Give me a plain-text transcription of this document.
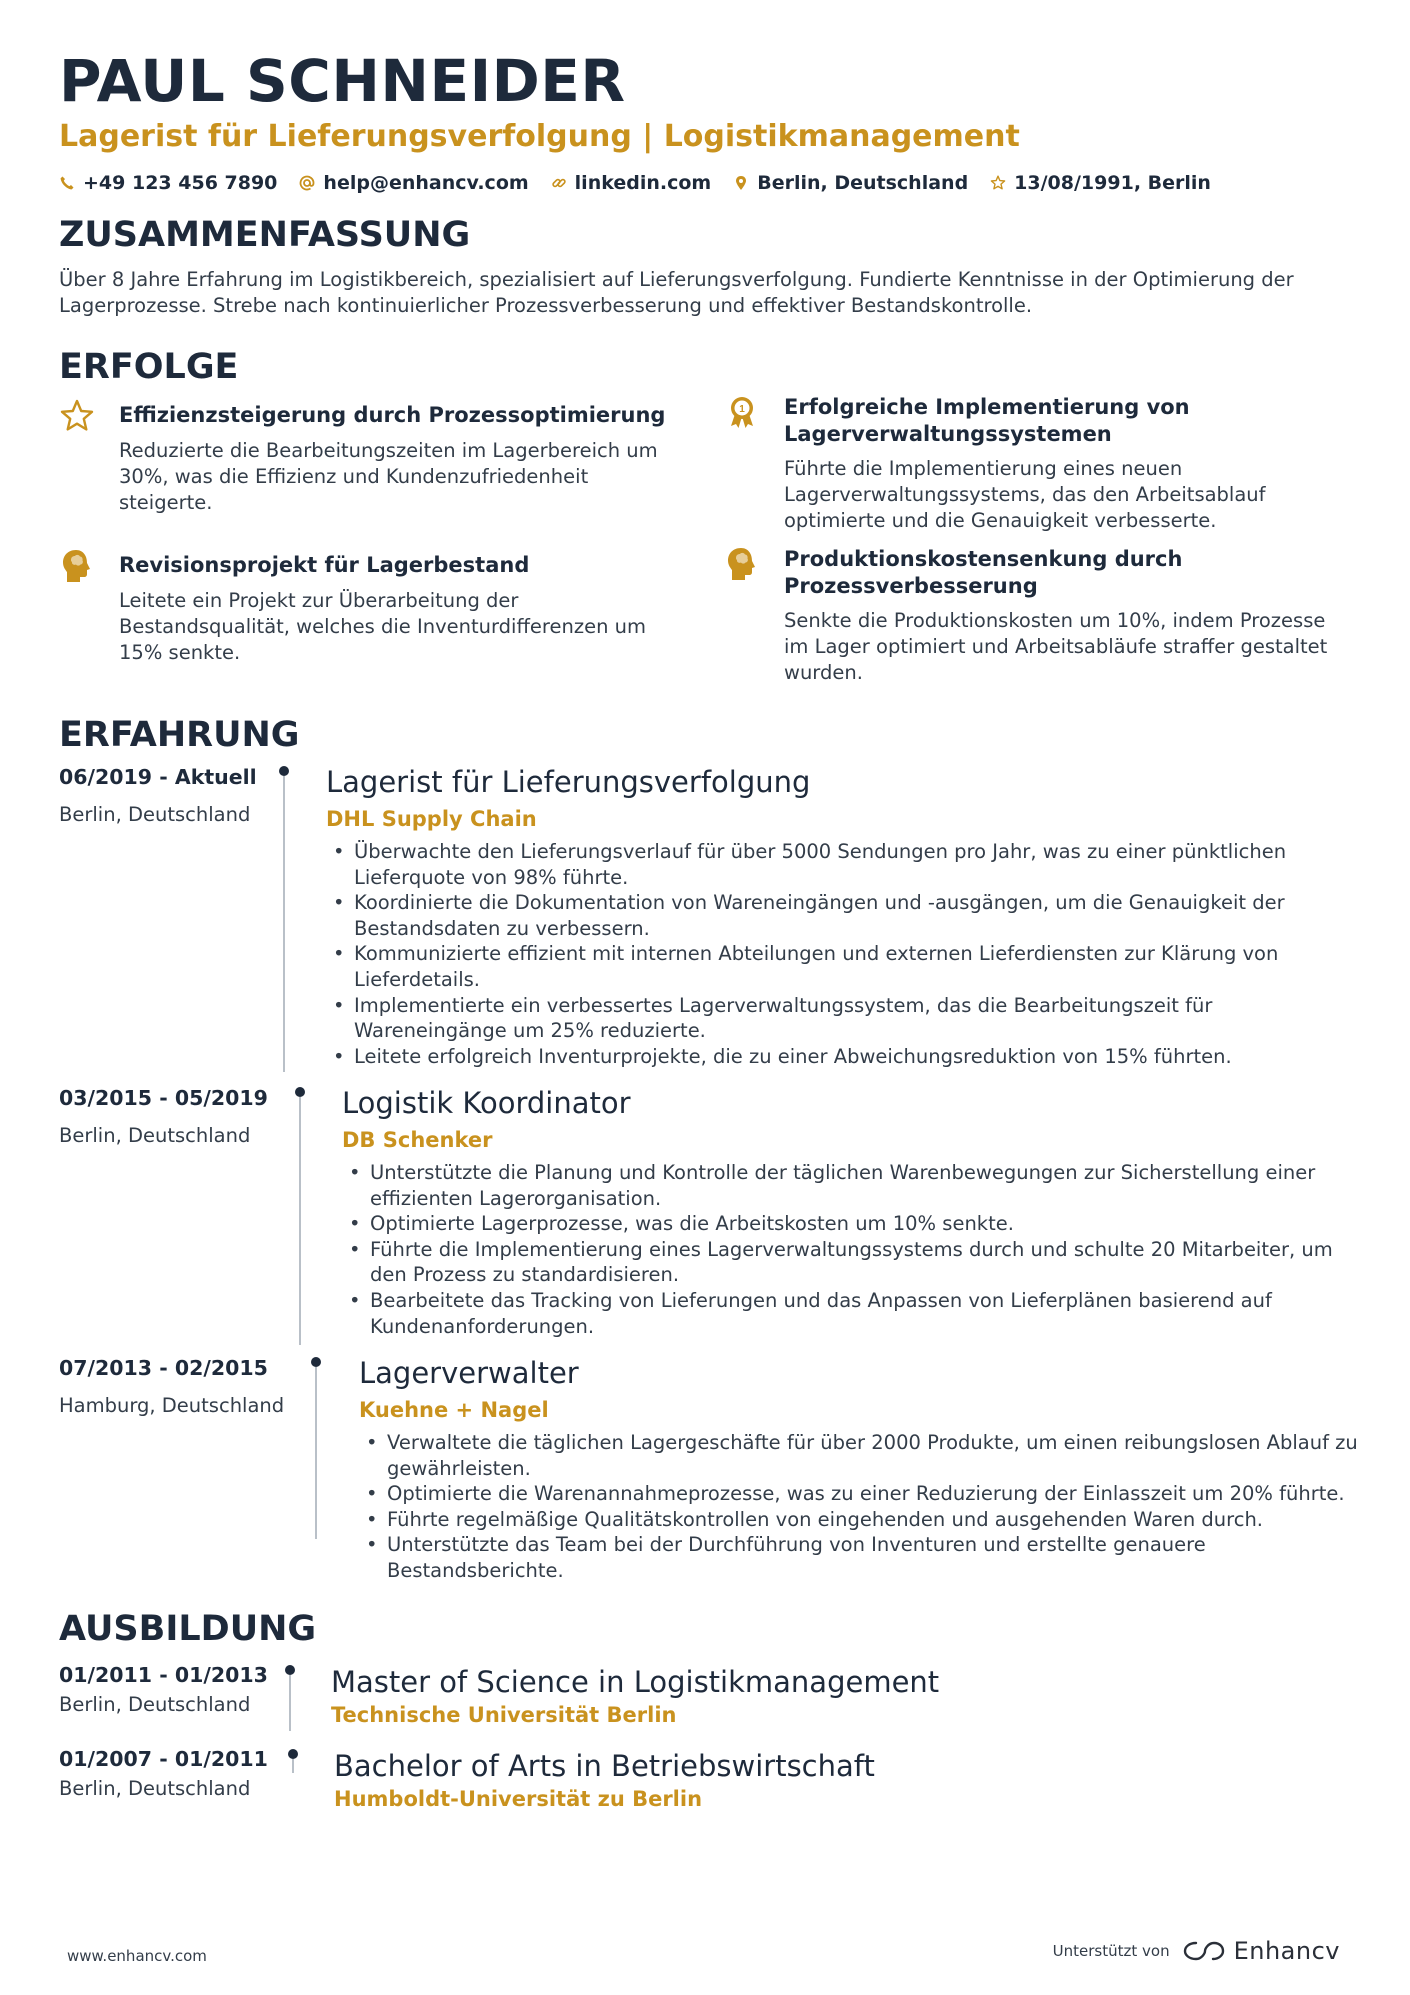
PAUL SCHNEIDER
Lagerist für Lieferungsverfolgung | Logistikmanagement
+49 123 456 7890 help@enhancv.com linkedin.com Berlin, Deutschland 13/08/1991, Berlin
ZUSAMMENFASSUNG
Über 8 Jahre Erfahrung im Logistikbereich, spezialisiert auf Lieferungsverfolgung. Fundierte Kenntnisse in der Optimierung der Lagerprozesse. Strebe nach kontinuierlicher Prozessverbesserung und effektiver Bestandskontrolle.
ERFOLGE
Effizienzsteigerung durch Prozessoptimierung
Reduzierte die Bearbeitungszeiten im Lagerbereich um 30%, was die Effizienz und Kundenzufriedenheit steigerte.
1 Erfolgreiche Implementierung von Lagerverwaltungssystemen
Führte die Implementierung eines neuen Lagerverwaltungssystems, das den Arbeitsablauf optimierte und die Genauigkeit verbesserte.
Revisionsprojekt für Lagerbestand
Leitete ein Projekt zur Überarbeitung der Bestandsqualität, welches die Inventurdifferenzen um 15% senkte.
Produktionskostensenkung durch Prozessverbesserung
Senkte die Produktionskosten um 10%, indem Prozesse im Lager optimiert und Arbeitsabläufe straffer gestaltet wurden.
ERFAHRUNG
06/2019 - Aktuell
Berlin, Deutschland
Lagerist für Lieferungsverfolgung
DHL Supply Chain
• Überwachte den Lieferungsverlauf für über 5000 Sendungen pro Jahr, was zu einer pünktlichen Lieferquote von 98% führte.
• Koordinierte die Dokumentation von Wareneingängen und -ausgängen, um die Genauigkeit der Bestandsdaten zu verbessern.
• Kommunizierte effizient mit internen Abteilungen und externen Lieferdiensten zur Klärung von Lieferdetails.
• Implementierte ein verbessertes Lagerverwaltungssystem, das die Bearbeitungszeit für Wareneingänge um 25% reduzierte.
• Leitete erfolgreich Inventurprojekte, die zu einer Abweichungsreduktion von 15% führten.
03/2015 - 05/2019
Berlin, Deutschland
Logistik Koordinator
DB Schenker
• Unterstützte die Planung und Kontrolle der täglichen Warenbewegungen zur Sicherstellung einer effizienten Lagerorganisation.
• Optimierte Lagerprozesse, was die Arbeitskosten um 10% senkte.
• Führte die Implementierung eines Lagerverwaltungssystems durch und schulte 20 Mitarbeiter, um den Prozess zu standardisieren.
• Bearbeitete das Tracking von Lieferungen und das Anpassen von Lieferplänen basierend auf Kundenanforderungen.
07/2013 - 02/2015
Hamburg, Deutschland
Lagerverwalter
Kuehne + Nagel
• Verwaltete die täglichen Lagergeschäfte für über 2000 Produkte, um einen reibungslosen Ablauf zu gewährleisten.
• Optimierte die Warenannahmeprozesse, was zu einer Reduzierung der Einlasszeit um 20% führte.
• Führte regelmäßige Qualitätskontrollen von eingehenden und ausgehenden Waren durch.
• Unterstützte das Team bei der Durchführung von Inventuren und erstellte genauere Bestandsberichte.
AUSBILDUNG
01/2011 - 01/2013
Berlin, Deutschland
Master of Science in Logistikmanagement
Technische Universität Berlin
01/2007 - 01/2011
Berlin, Deutschland
Bachelor of Arts in Betriebswirtschaft
Humboldt-Universität zu Berlin
www.enhancv.com	Unterstützt von	Enhancv
